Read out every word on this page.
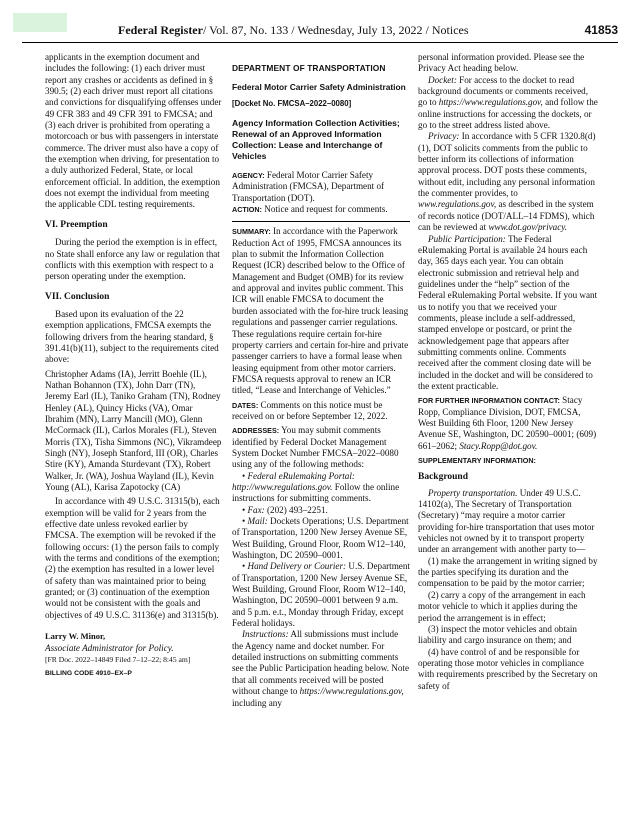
Federal Register/ Vol. 87, No. 133 / Wednesday, July 13, 2022 / Notices	41853

applicants in the exemption document and includes the following: (1) each driver must report any crashes or accidents as defined in § 390.5; (2) each driver must report all citations and convictions for disqualifying offenses under 49 CFR 383 and 49 CFR 391 to FMCSA; and (3) each driver is prohibited from operating a motorcoach or bus with passengers in interstate commerce. The driver must also have a copy of the exemption when driving, for presentation to a duly authorized Federal, State, or local enforcement official. In addition, the exemption does not exempt the individual from meeting the applicable CDL testing requirements.

VI. Preemption

During the period the exemption is in effect, no State shall enforce any law or regulation that conflicts with this exemption with respect to a person operating under the exemption.

VII. Conclusion

Based upon its evaluation of the 22 exemption applications, FMCSA exempts the following drivers from the hearing standard, § 391.41(b)(11), subject to the requirements cited above:

Christopher Adams (IA), Jerritt Boehle (IL), Nathan Bohannon (TX), John Darr (TN), Jeremy Earl (IL), Taniko Graham (TN), Rodney Henley (AL), Quincy Hicks (VA), Omar Ibrahim (MN), Larry Mancill (MO), Glenn McCormack (IL), Carlos Morales (FL), Steven Morris (TX), Tisha Simmons (NC), Vikramdeep Singh (NY), Joseph Stanford, III (OR), Charles Stire (KY), Amanda Sturdevant (TX), Robert Walker, Jr. (WA), Joshua Wayland (IL), Kevin Young (AL), Karisa Zapotocky (CA)

In accordance with 49 U.S.C. 31315(b), each exemption will be valid for 2 years from the effective date unless revoked earlier by FMCSA. The exemption will be revoked if the following occurs: (1) the person fails to comply with the terms and conditions of the exemption; (2) the exemption has resulted in a lower level of safety than was maintained prior to being granted; or (3) continuation of the exemption would not be consistent with the goals and objectives of 49 U.S.C. 31136(e) and 31315(b).

Larry W. Minor,
Associate Administrator for Policy.
[FR Doc. 2022–14849 Filed 7–12–22; 8:45 am]
BILLING CODE 4910–EX–P
DEPARTMENT OF TRANSPORTATION
Federal Motor Carrier Safety Administration
[Docket No. FMCSA–2022–0080]
Agency Information Collection Activities; Renewal of an Approved Information Collection: Lease and Interchange of Vehicles

AGENCY: Federal Motor Carrier Safety Administration (FMCSA), Department of Transportation (DOT).

ACTION: Notice and request for comments.

SUMMARY: In accordance with the Paperwork Reduction Act of 1995, FMCSA announces its plan to submit the Information Collection Request (ICR) described below to the Office of Management and Budget (OMB) for its review and approval and invites public comment. This ICR will enable FMCSA to document the burden associated with the for-hire truck leasing regulations and passenger carrier regulations. These regulations require certain for-hire property carriers and certain for-hire and private passenger carriers to have a formal lease when leasing equipment from other motor carriers. FMCSA requests approval to renew an ICR titled, “Lease and Interchange of Vehicles.”

DATES: Comments on this notice must be received on or before September 12, 2022.

ADDRESSES: You may submit comments identified by Federal Docket Management System Docket Number FMCSA–2022–0080 using any of the following methods:

• Federal eRulemaking Portal: http://www.regulations.gov. Follow the online instructions for submitting comments.

• Fax: (202) 493–2251.

• Mail: Dockets Operations; U.S. Department of Transportation, 1200 New Jersey Avenue SE, West Building, Ground Floor, Room W12–140, Washington, DC 20590–0001.

• Hand Delivery or Courier: U.S. Department of Transportation, 1200 New Jersey Avenue SE, West Building, Ground Floor, Room W12–140, Washington, DC 20590–0001 between 9 a.m. and 5 p.m. e.t., Monday through Friday, except Federal holidays.

Instructions: All submissions must include the Agency name and docket number. For detailed instructions on submitting comments see the Public Participation heading below. Note that all comments received will be posted without change to https://www.regulations.gov, including any

personal information provided. Please see the Privacy Act heading below.

Docket: For access to the docket to read background documents or comments received, go to https://www.regulations.gov, and follow the online instructions for accessing the dockets, or go to the street address listed above.

Privacy: In accordance with 5 CFR 1320.8(d)(1), DOT solicits comments from the public to better inform its collections of information approval process. DOT posts these comments, without edit, including any personal information the commenter provides, to www.regulations.gov, as described in the system of records notice (DOT/ALL–14 FDMS), which can be reviewed at www.dot.gov/privacy.

Public Participation: The Federal eRulemaking Portal is available 24 hours each day, 365 days each year. You can obtain electronic submission and retrieval help and guidelines under the “help” section of the Federal eRulemaking Portal website. If you want us to notify you that we received your comments, please include a self-addressed, stamped envelope or postcard, or print the acknowledgement page that appears after submitting comments online. Comments received after the comment closing date will be included in the docket and will be considered to the extent practicable.

FOR FURTHER INFORMATION CONTACT: Stacy Ropp, Compliance Division, DOT, FMCSA, West Building 6th Floor, 1200 New Jersey Avenue SE, Washington, DC 20590–0001; (609) 661–2062; Stacy.Ropp@dot.gov.

SUPPLEMENTARY INFORMATION:

Background

Property transportation. Under 49 U.S.C. 14102(a), The Secretary of Transportation (Secretary) “may require a motor carrier providing for-hire transportation that uses motor vehicles not owned by it to transport property under an arrangement with another party to—

(1) make the arrangement in writing signed by the parties specifying its duration and the compensation to be paid by the motor carrier;

(2) carry a copy of the arrangement in each motor vehicle to which it applies during the period the arrangement is in effect;

(3) inspect the motor vehicles and obtain liability and cargo insurance on them; and

(4) have control of and be responsible for operating those motor vehicles in compliance with requirements prescribed by the Secretary on safety of
